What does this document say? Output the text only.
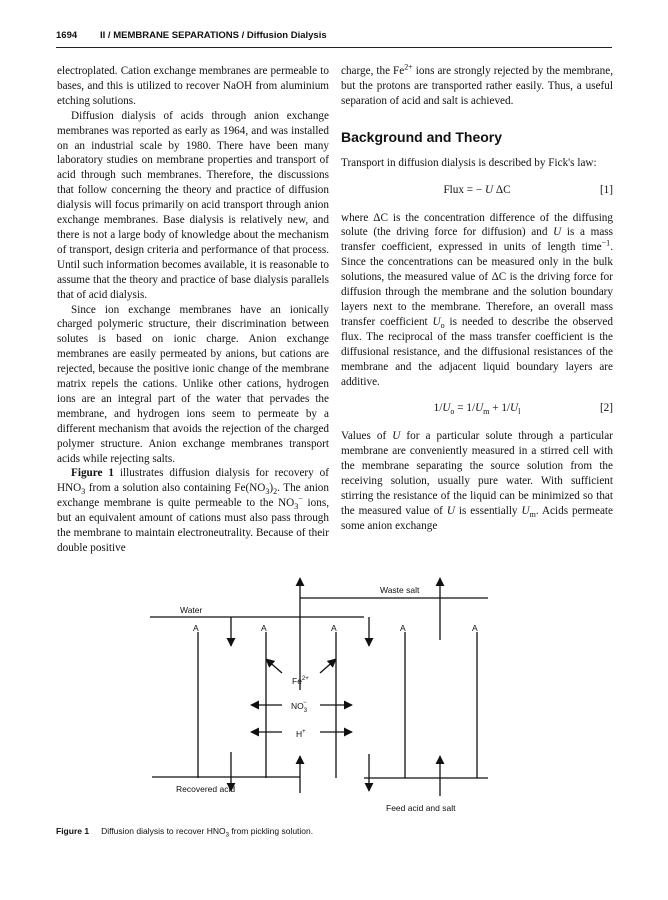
1694 II / MEMBRANE SEPARATIONS / Diffusion Dialysis

electroplated. Cation exchange membranes are permeable to bases, and this is utilized to recover NaOH from aluminium etching solutions.

Diffusion dialysis of acids through anion exchange membranes was reported as early as 1964, and was installed on an industrial scale by 1980. There have been many laboratory studies on membrane properties and transport of acid through such membranes. Therefore, the discussions that follow concerning the theory and practice of diffusion dialysis will focus primarily on acid transport through anion exchange membranes. Base dialysis is relatively new, and there is not a large body of knowledge about the mechanism of transport, design criteria and performance of that process. Until such information becomes available, it is reasonable to assume that the theory and practice of base dialysis parallels that of acid dialysis.

Since ion exchange membranes have an ionically charged polymeric structure, their discrimination between solutes is based on ionic charge. Anion exchange membranes are easily permeated by anions, but cations are rejected, because the positive ionic change of the membrane matrix repels the cations. Unlike other cations, hydrogen ions are an integral part of the water that pervades the membrane, and hydrogen ions seem to permeate by a different mechanism that avoids the rejection of the charged polymer structure. Anion exchange membranes transport acids while rejecting salts.

Figure 1 illustrates diffusion dialysis for recovery of $HNO_3$ from a solution also containing $Fe(NO_3)_2$. The anion exchange membrane is quite permeable to the $NO_3^-$ ions, but an equivalent amount of cations must also pass through the membrane to maintain electroneutrality. Because of their double positive

charge, the $Fe^{2+}$ ions are strongly rejected by the membrane, but the protons are transported rather easily. Thus, a useful separation of acid and salt is achieved.

Background and Theory

Transport in diffusion dialysis is described by Fick's law:

Flux = − U ΔC	[1]

where ΔC is the concentration difference of the diffusing solute (the driving force for diffusion) and U is a mass transfer coefficient, expressed in units of length time$^{-1}$. Since the concentrations can be measured only in the bulk solutions, the measured value of ΔC is the driving force for diffusion through the membrane and the solution boundary layers next to the membrane. Therefore, an overall mass transfer coefficient $U_o$ is needed to describe the observed flux. The reciprocal of the mass transfer coefficient is the diffusional resistance, and the diffusional resistances of the membrane and the adjacent liquid boundary layers are additive.

$1/U_o = 1/U_m + 1/U_l$	[2]

Values of U for a particular solute through a particular membrane are conveniently measured in a stirred cell with the membrane separating the source solution from the receiving solution, usually pure water. With sufficient stirring the resistance of the liquid can be minimized so that the measured value of U is essentially $U_m$. Acids permeate some anion exchange

Waste salt
Water
Recovered acid
Feed acid and salt
A	A	A	A	A
$Fe^{2+}$
$NO_3-$
H+
Figure 1 Diffusion dialysis to recover $HNO_3$ from pickling solution.
